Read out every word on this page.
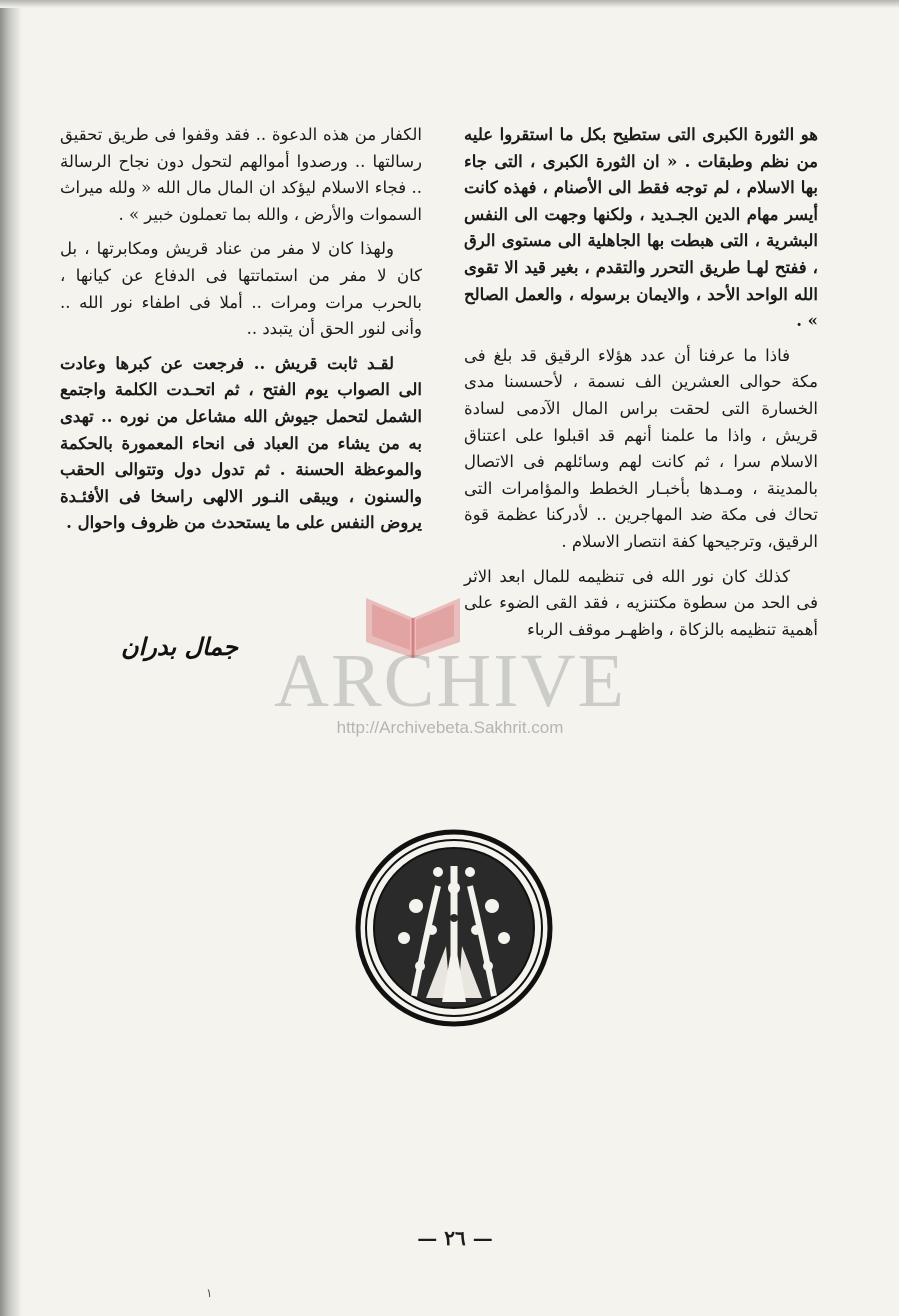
هو الثورة الكبرى التى ستطيح بكل ما استقروا عليه من نظم وطبقات . « ان الثورة الكبرى ، التى جاء بها الاسلام ، لم توجه فقط الى الأصنام ، فهذه كانت أيسر مهام الدين الجـديد ، ولكنها وجهت الى النفس البشرية ، التى هبطت بها الجاهلية الى مستوى الرق ، ففتح لهـا طريق التحرر والتقدم ، بغير قيد الا تقوى الله الواحد الأحد ، والايمان برسوله ، والعمل الصالح » .

فاذا ما عرفنا أن عدد هؤلاء الرقيق قد بلغ فى مكة حوالى العشرين الف نسمة ، لأحسسنا مدى الخسارة التى لحقت براس المال الآدمى لسادة قريش ، واذا ما علمنا أنهم قد اقبلوا على اعتناق الاسلام سرا ، ثم كانت لهم وسائلهم فى الاتصال بالمدينة ، ومـدها بأخبـار الخطط والمؤامرات التى تحاك فى مكة ضد المهاجرين .. لأدركنا عظمة قوة الرقيق، وترجيحها كفة انتصار الاسلام .

كذلك كان نور الله فى تنظيمه للمال ابعد الاثر فى الحد من سطوة مكتنزيه ، فقد القى الضوء على أهمية تنظيمه بالزكاة ، واظهـر موقف الرباء

الكفار من هذه الدعوة .. فقد وقفوا فى طريق تحقيق رسالتها .. ورصدوا أموالهم لتحول دون نجاح الرسالة .. فجاء الاسلام ليؤكد ان المال مال الله « ولله ميراث السموات والأرض ، والله بما تعملون خبير » .

ولهذا كان لا مفر من عناد قريش ومكابرتها ، بل كان لا مفر من استماتتها فى الدفاع عن كيانها ، بالحرب مرات ومرات .. أملا فى اطفاء نور الله .. وأنى لنور الحق أن يتبدد ..

لقـد ثابت قريش .. فرجعت عن كبرها وعادت الى الصواب يوم الفتح ، ثم اتحـدت الكلمة واجتمع الشمل لتحمل جيوش الله مشاعل من نوره .. تهدى به من يشاء من العباد فى انحاء المعمورة بالحكمة والموعظة الحسنة . ثم تدول دول وتتوالى الحقب والسنون ، ويبقى النـور الالهى راسخا فى الأفئـدة يروض النفس على ما يستحدث من ظروف واحوال .

جمال بدران ARCHIVE
http://Archivebeta.Sakhrit.com
— ٢٦ —
١
